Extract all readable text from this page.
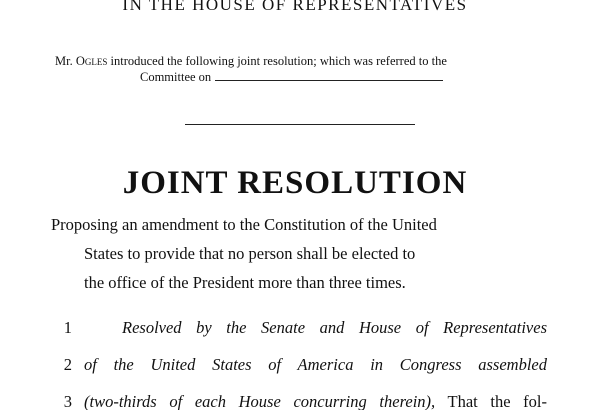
IN THE HOUSE OF REPRESENTATIVES
Mr. Ogles introduced the following joint resolution; which was referred to the
Committee on
JOINT RESOLUTION
Proposing an amendment to the Constitution of the United
States to provide that no person shall be elected to
the office of the President more than three times.
1	Resolved by the Senate and House of Representatives
2 of the United States of America in Congress assembled
3 (two-thirds of each House concurring therein), That the fol-
